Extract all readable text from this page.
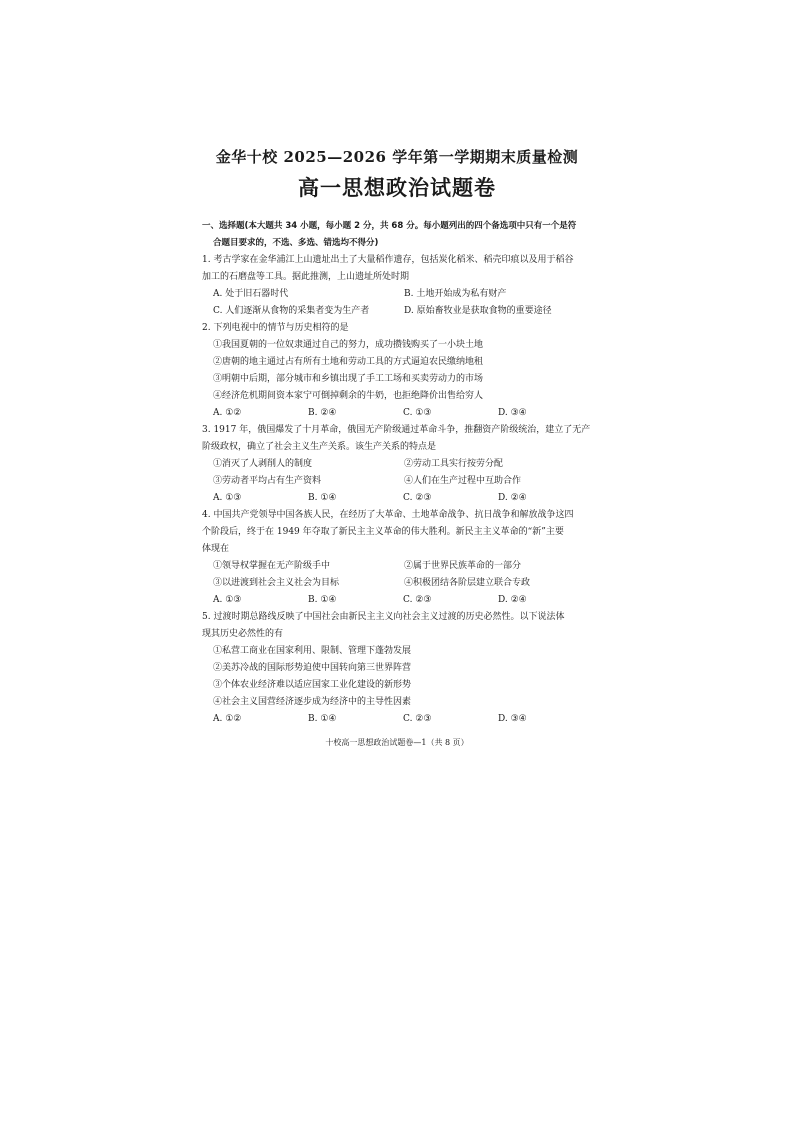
金华十校 2025—2026 学年第一学期期末质量检测
高一思想政治试题卷
一、选择题(本大题共 34 小题，每小题 2 分，共 68 分。每小题列出的四个备选项中只有一个是符
合题目要求的，不选、多选、错选均不得分)
1. 考古学家在金华浦江上山遗址出土了大量稻作遗存，包括炭化稻米、稻壳印痕以及用于稻谷
加工的石磨盘等工具。据此推测，上山遗址所处时期
A. 处于旧石器时代	B. 土地开始成为私有财产
C. 人们逐渐从食物的采集者变为生产者	D. 原始畜牧业是获取食物的重要途径
2. 下列电视中的情节与历史相符的是
①我国夏朝的一位奴隶通过自己的努力，成功攒钱购买了一小块土地
②唐朝的地主通过占有所有土地和劳动工具的方式逼迫农民缴纳地租
③明朝中后期，部分城市和乡镇出现了手工工场和买卖劳动力的市场
④经济危机期间资本家宁可倒掉剩余的牛奶，也拒绝降价出售给穷人
A. ①②	B. ②④	C. ①③	D. ③④
3. 1917 年，俄国爆发了十月革命，俄国无产阶级通过革命斗争，推翻资产阶级统治，建立了无产
阶级政权，确立了社会主义生产关系。该生产关系的特点是
①消灭了人剥削人的制度	②劳动工具实行按劳分配
③劳动者平均占有生产资料	④人们在生产过程中互助合作
A. ①③	B. ①④	C. ②③	D. ②④
4. 中国共产党领导中国各族人民，在经历了大革命、土地革命战争、抗日战争和解放战争这四
个阶段后，终于在 1949 年夺取了新民主主义革命的伟大胜利。新民主主义革命的“新”主要
体现在
①领导权掌握在无产阶级手中	②属于世界民族革命的一部分
③以进渡到社会主义社会为目标	④积极团结各阶层建立联合专政
A. ①③	B. ①④	C. ②③	D. ②④
5. 过渡时期总路线反映了中国社会由新民主主义向社会主义过渡的历史必然性。以下说法体
现其历史必然性的有
①私营工商业在国家利用、限制、管理下蓬勃发展
②美苏冷战的国际形势迫使中国转向第三世界阵营
③个体农业经济难以适应国家工业化建设的新形势
④社会主义国营经济逐步成为经济中的主导性因素
A. ①②	B. ①④	C. ②③	D. ③④
十校高一思想政治试题卷—1（共 8 页）
